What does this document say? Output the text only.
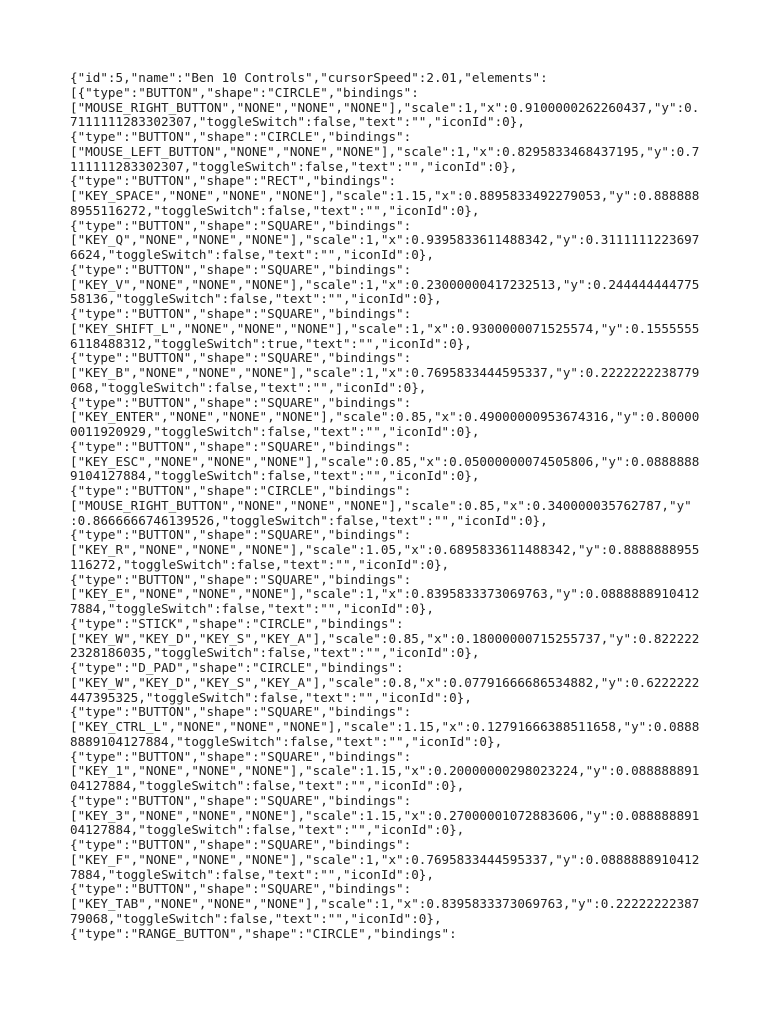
{"id":5,"name":"Ben 10 Controls","cursorSpeed":2.01,"elements":
[{"type":"BUTTON","shape":"CIRCLE","bindings":
["MOUSE_RIGHT_BUTTON","NONE","NONE","NONE"],"scale":1,"x":0.9100000262260437,"y":0.
7111111283302307,"toggleSwitch":false,"text":"","iconId":0},
{"type":"BUTTON","shape":"CIRCLE","bindings":
["MOUSE_LEFT_BUTTON","NONE","NONE","NONE"],"scale":1,"x":0.8295833468437195,"y":0.7
111111283302307,"toggleSwitch":false,"text":"","iconId":0},
{"type":"BUTTON","shape":"RECT","bindings":
["KEY_SPACE","NONE","NONE","NONE"],"scale":1.15,"x":0.8895833492279053,"y":0.888888
8955116272,"toggleSwitch":false,"text":"","iconId":0},
{"type":"BUTTON","shape":"SQUARE","bindings":
["KEY_Q","NONE","NONE","NONE"],"scale":1,"x":0.9395833611488342,"y":0.3111111223697
6624,"toggleSwitch":false,"text":"","iconId":0},
{"type":"BUTTON","shape":"SQUARE","bindings":
["KEY_V","NONE","NONE","NONE"],"scale":1,"x":0.23000000417232513,"y":0.244444444775
58136,"toggleSwitch":false,"text":"","iconId":0},
{"type":"BUTTON","shape":"SQUARE","bindings":
["KEY_SHIFT_L","NONE","NONE","NONE"],"scale":1,"x":0.9300000071525574,"y":0.1555555
6118488312,"toggleSwitch":true,"text":"","iconId":0},
{"type":"BUTTON","shape":"SQUARE","bindings":
["KEY_B","NONE","NONE","NONE"],"scale":1,"x":0.7695833444595337,"y":0.2222222238779
068,"toggleSwitch":false,"text":"","iconId":0},
{"type":"BUTTON","shape":"SQUARE","bindings":
["KEY_ENTER","NONE","NONE","NONE"],"scale":0.85,"x":0.49000000953674316,"y":0.80000
0011920929,"toggleSwitch":false,"text":"","iconId":0},
{"type":"BUTTON","shape":"SQUARE","bindings":
["KEY_ESC","NONE","NONE","NONE"],"scale":0.85,"x":0.05000000074505806,"y":0.0888888
9104127884,"toggleSwitch":false,"text":"","iconId":0},
{"type":"BUTTON","shape":"CIRCLE","bindings":
["MOUSE_RIGHT_BUTTON","NONE","NONE","NONE"],"scale":0.85,"x":0.340000035762787,"y"
:0.8666666746139526,"toggleSwitch":false,"text":"","iconId":0},
{"type":"BUTTON","shape":"SQUARE","bindings":
["KEY_R","NONE","NONE","NONE"],"scale":1.05,"x":0.6895833611488342,"y":0.8888888955
116272,"toggleSwitch":false,"text":"","iconId":0},
{"type":"BUTTON","shape":"SQUARE","bindings":
["KEY_E","NONE","NONE","NONE"],"scale":1,"x":0.8395833373069763,"y":0.0888888910412
7884,"toggleSwitch":false,"text":"","iconId":0},
{"type":"STICK","shape":"CIRCLE","bindings":
["KEY_W","KEY_D","KEY_S","KEY_A"],"scale":0.85,"x":0.18000000715255737,"y":0.822222
2328186035,"toggleSwitch":false,"text":"","iconId":0},
{"type":"D_PAD","shape":"CIRCLE","bindings":
["KEY_W","KEY_D","KEY_S","KEY_A"],"scale":0.8,"x":0.07791666686534882,"y":0.6222222
447395325,"toggleSwitch":false,"text":"","iconId":0},
{"type":"BUTTON","shape":"SQUARE","bindings":
["KEY_CTRL_L","NONE","NONE","NONE"],"scale":1.15,"x":0.12791666388511658,"y":0.0888
8889104127884,"toggleSwitch":false,"text":"","iconId":0},
{"type":"BUTTON","shape":"SQUARE","bindings":
["KEY_1","NONE","NONE","NONE"],"scale":1.15,"x":0.20000000298023224,"y":0.088888891
04127884,"toggleSwitch":false,"text":"","iconId":0},
{"type":"BUTTON","shape":"SQUARE","bindings":
["KEY_3","NONE","NONE","NONE"],"scale":1.15,"x":0.27000001072883606,"y":0.088888891
04127884,"toggleSwitch":false,"text":"","iconId":0},
{"type":"BUTTON","shape":"SQUARE","bindings":
["KEY_F","NONE","NONE","NONE"],"scale":1,"x":0.7695833444595337,"y":0.0888888910412
7884,"toggleSwitch":false,"text":"","iconId":0},
{"type":"BUTTON","shape":"SQUARE","bindings":
["KEY_TAB","NONE","NONE","NONE"],"scale":1,"x":0.8395833373069763,"y":0.22222222387
79068,"toggleSwitch":false,"text":"","iconId":0},
{"type":"RANGE_BUTTON","shape":"CIRCLE","bindings":
